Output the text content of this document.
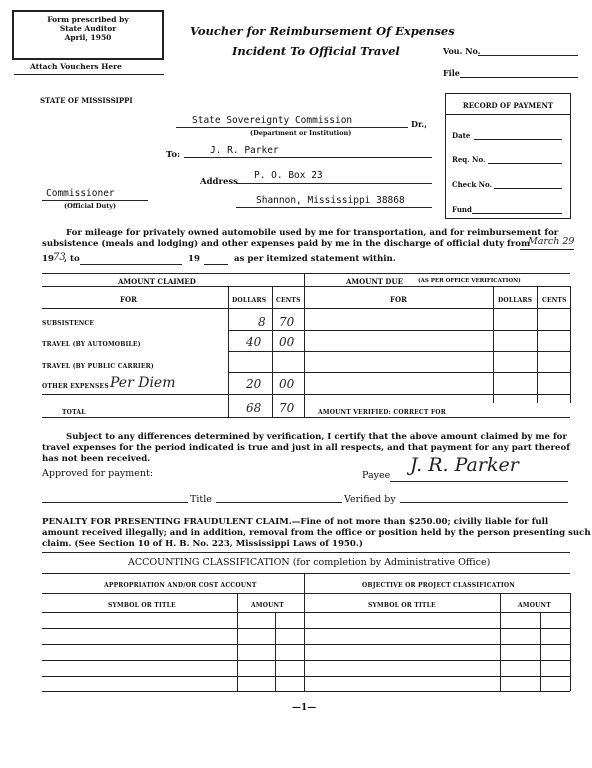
Form prescribed by
State Auditor
April, 1950
Attach Vouchers Here
Voucher for Reimbursement Of Expenses
Incident To Official Travel	Vou. No.
File
STATE OF MISSISSIPPI
RECORD OF PAYMENT
Date
Req. No.
Check No.
Fund
State Sovereignty Commission	Dr.,
(Department or Institution)
To:	J. R. Parker
Address
P. O. Box 23
Shannon, Mississippi 38868
Commissioner
(Official Duty)
For mileage for privately owned automobile used by me for transportation, and for reimbursement for
subsistence (meals and lodging) and other expenses paid by me in the discharge of official duty from
March 29
19 73
, to	19	as per itemized statement within.
AMOUNT CLAIMED	AMOUNT DUE	(AS PER OFFICE VERIFICATION)
FOR	DOLLARS CENTS	FOR	DOLLARS CENTS
SUBSISTENCE	8 70
TRAVEL (BY AUTOMOBILE)	40 00
TRAVEL (BY PUBLIC CARRIER)
OTHER EXPENSES Per Diem	20 00
TOTAL	68 70	AMOUNT VERIFIED: CORRECT FOR
Subject to any differences determined by verification, I certify that the above amount claimed by me for
travel expenses for the period indicated is true and just in all respects, and that payment for any part thereof
has not been received.
Approved for payment:	Payee J. R. Parker
Title	Verified by
PENALTY FOR PRESENTING FRAUDULENT CLAIM.—Fine of not more than $250.00; civilly liable for full
amount received illegally; and in addition, removal from the office or position held by the person presenting such
claim. (See Section 10 of H. B. No. 223, Mississippi Laws of 1950.)
ACCOUNTING CLASSIFICATION (for completion by Administrative Office)
APPROPRIATION AND/OR COST ACCOUNT	OBJECTIVE OR PROJECT CLASSIFICATION
SYMBOL OR TITLE	AMOUNT	SYMBOL OR TITLE	AMOUNT
—1—
